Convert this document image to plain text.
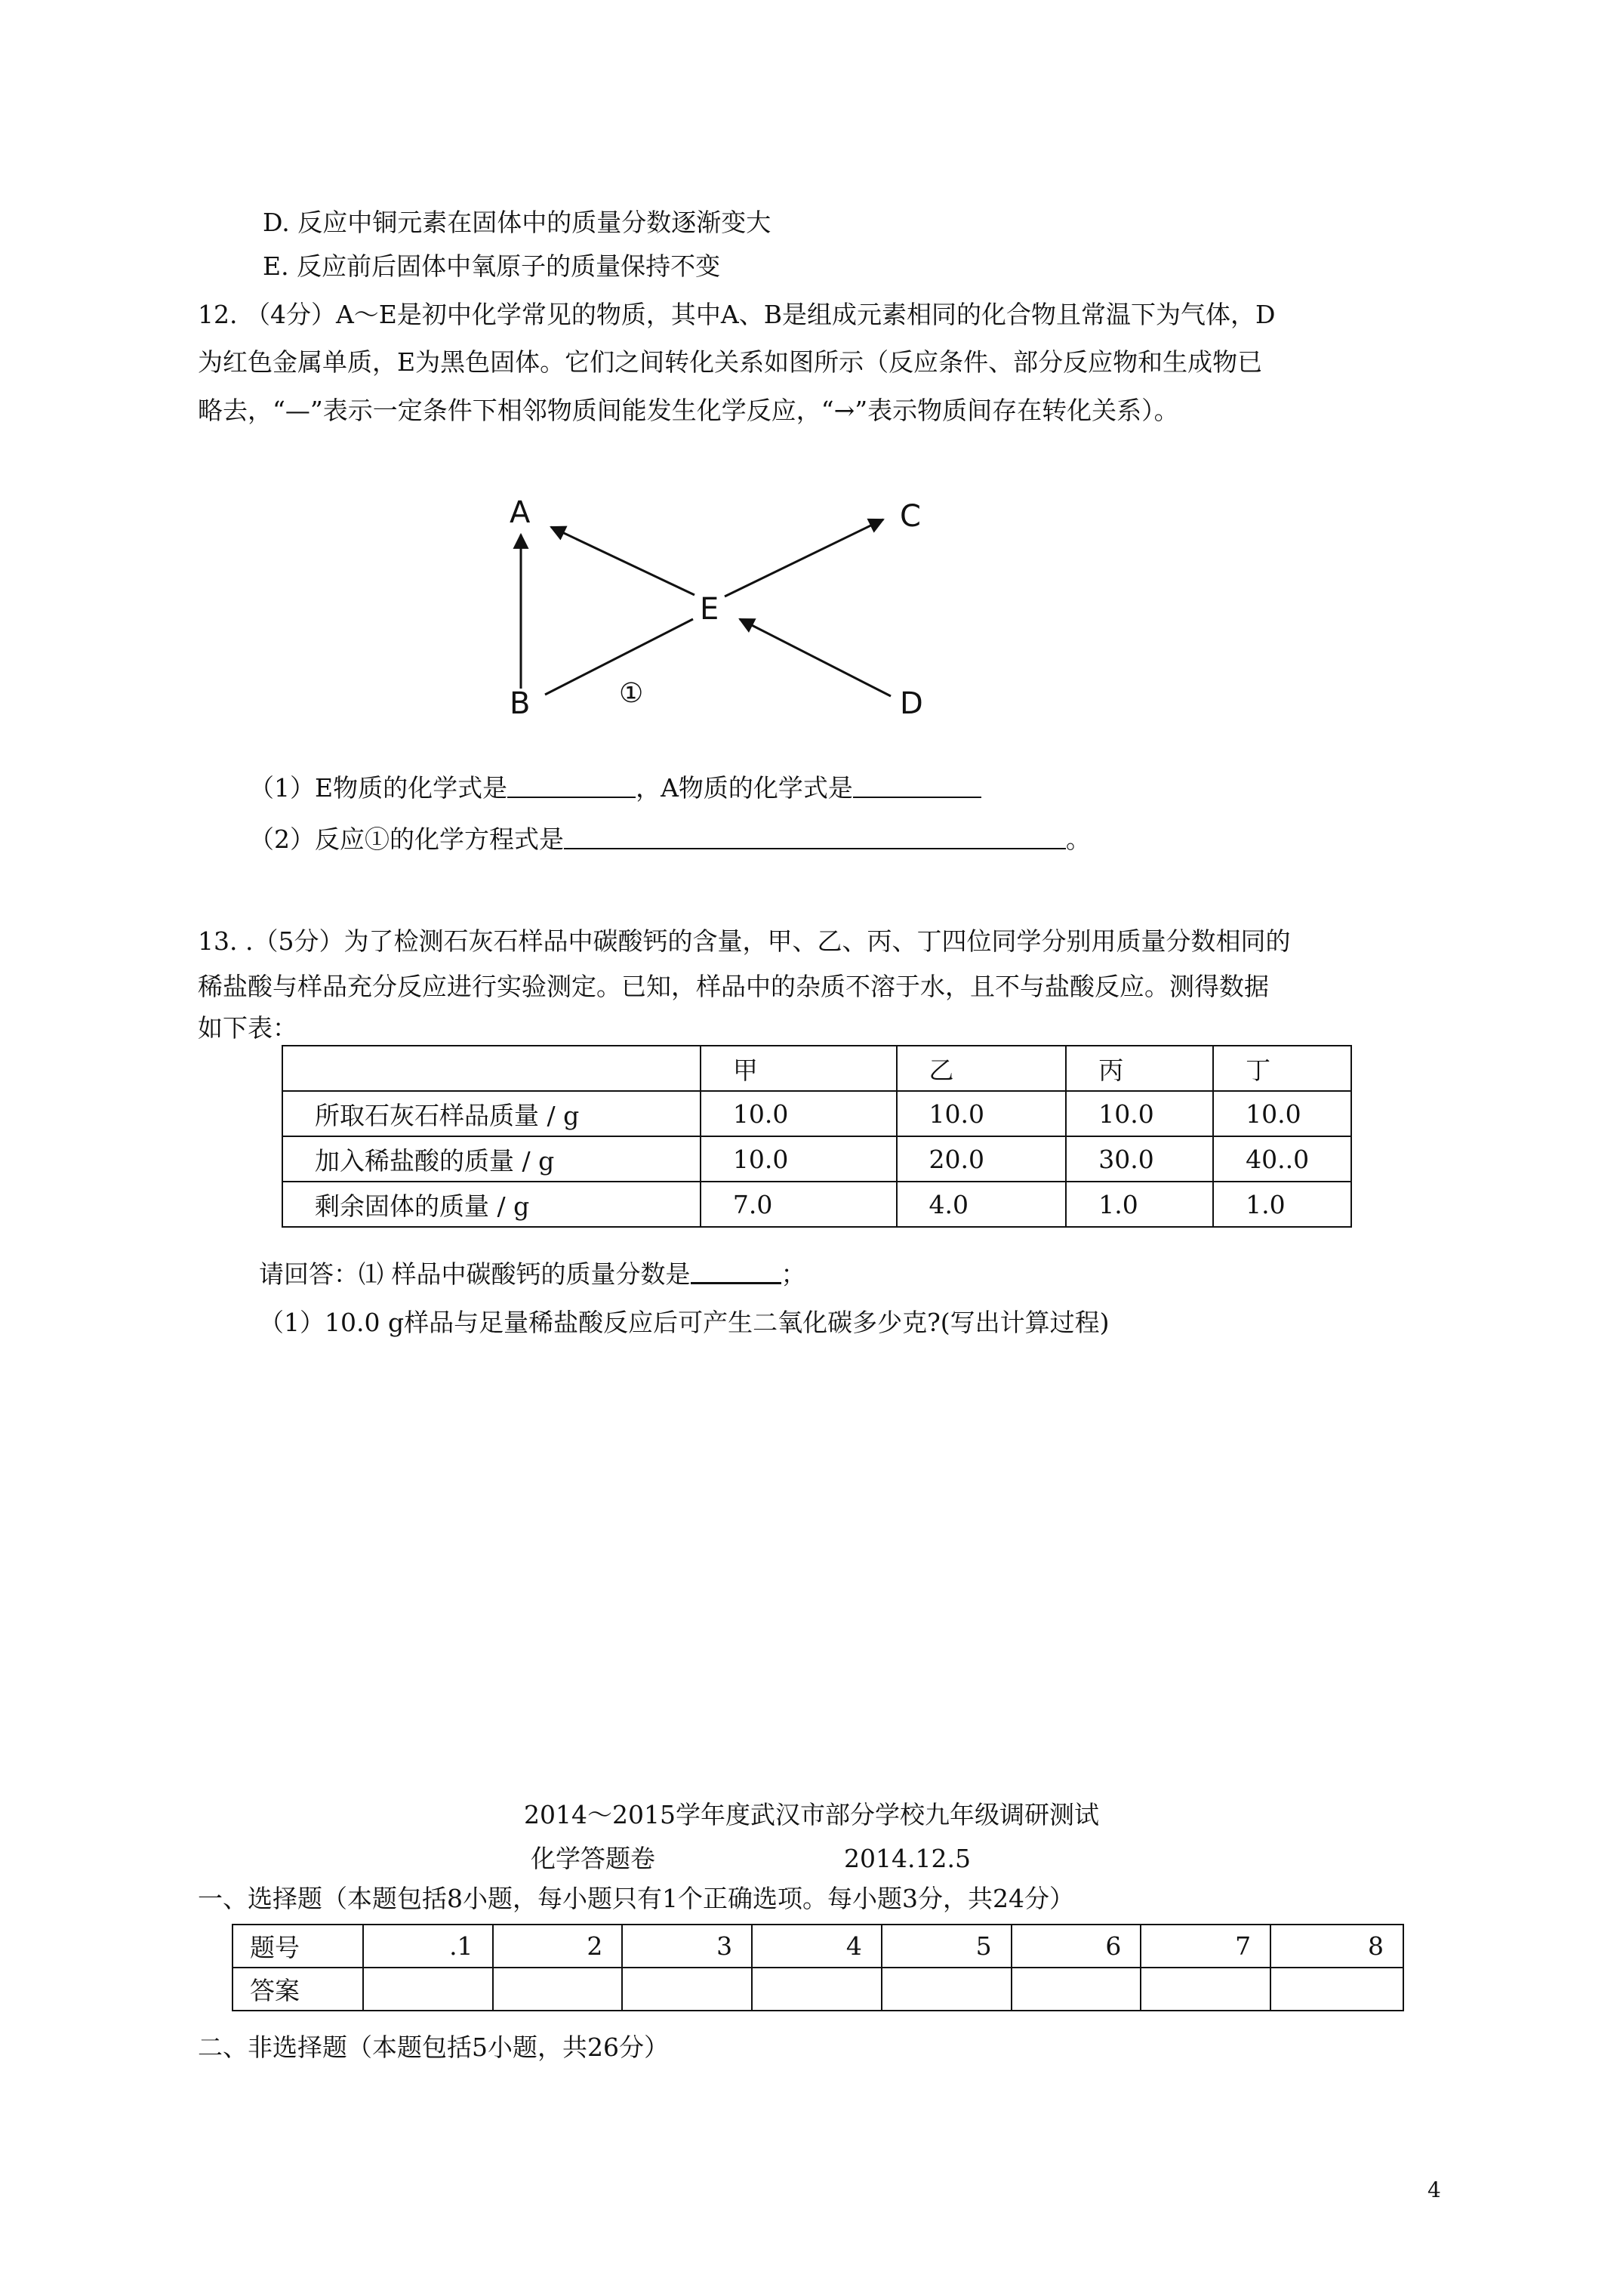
D. 反应中铜元素在固体中的质量分数逐渐变大
E. 反应前后固体中氧原子的质量保持不变
12. （4分）A～E是初中化学常见的物质，其中A、B是组成元素相同的化合物且常温下为气体，D
为红色金属单质，E为黑色固体。它们之间转化关系如图所示（反应条件、部分反应物和生成物已
略去，“—”表示一定条件下相邻物质间能发生化学反应，“→”表示物质间存在转化关系）。
A
B
C
D
E
①
（1）E物质的化学式是	，A物质的化学式是
（2）反应①的化学方程式是	。
13. .（5分）为了检测石灰石样品中碳酸钙的含量，甲、乙、丙、丁四位同学分别用质量分数相同的
稀盐酸与样品充分反应进行实验测定。已知，样品中的杂质不溶于水，且不与盐酸反应。测得数据
如下表：
	甲	乙	丙	丁
所取石灰石样品质量 / g	10.0	10.0	10.0	10.0
加入稀盐酸的质量 / g	10.0	20.0	30.0	40..0
剩余固体的质量 / g	7.0	4.0	1.0	1.0
请回答：⑴ 样品中碳酸钙的质量分数是	；
（1）10.0 g样品与足量稀盐酸反应后可产生二氧化碳多少克?(写出计算过程)
2014～2015学年度武汉市部分学校九年级调研测试
化学答题卷	2014.12.5
一、选择题（本题包括8小题，每小题只有1个正确选项。每小题3分，共24分）
题号	.1	2	3	4	5	6	7	8
答案								
二、非选择题（本题包括5小题，共26分）
4
